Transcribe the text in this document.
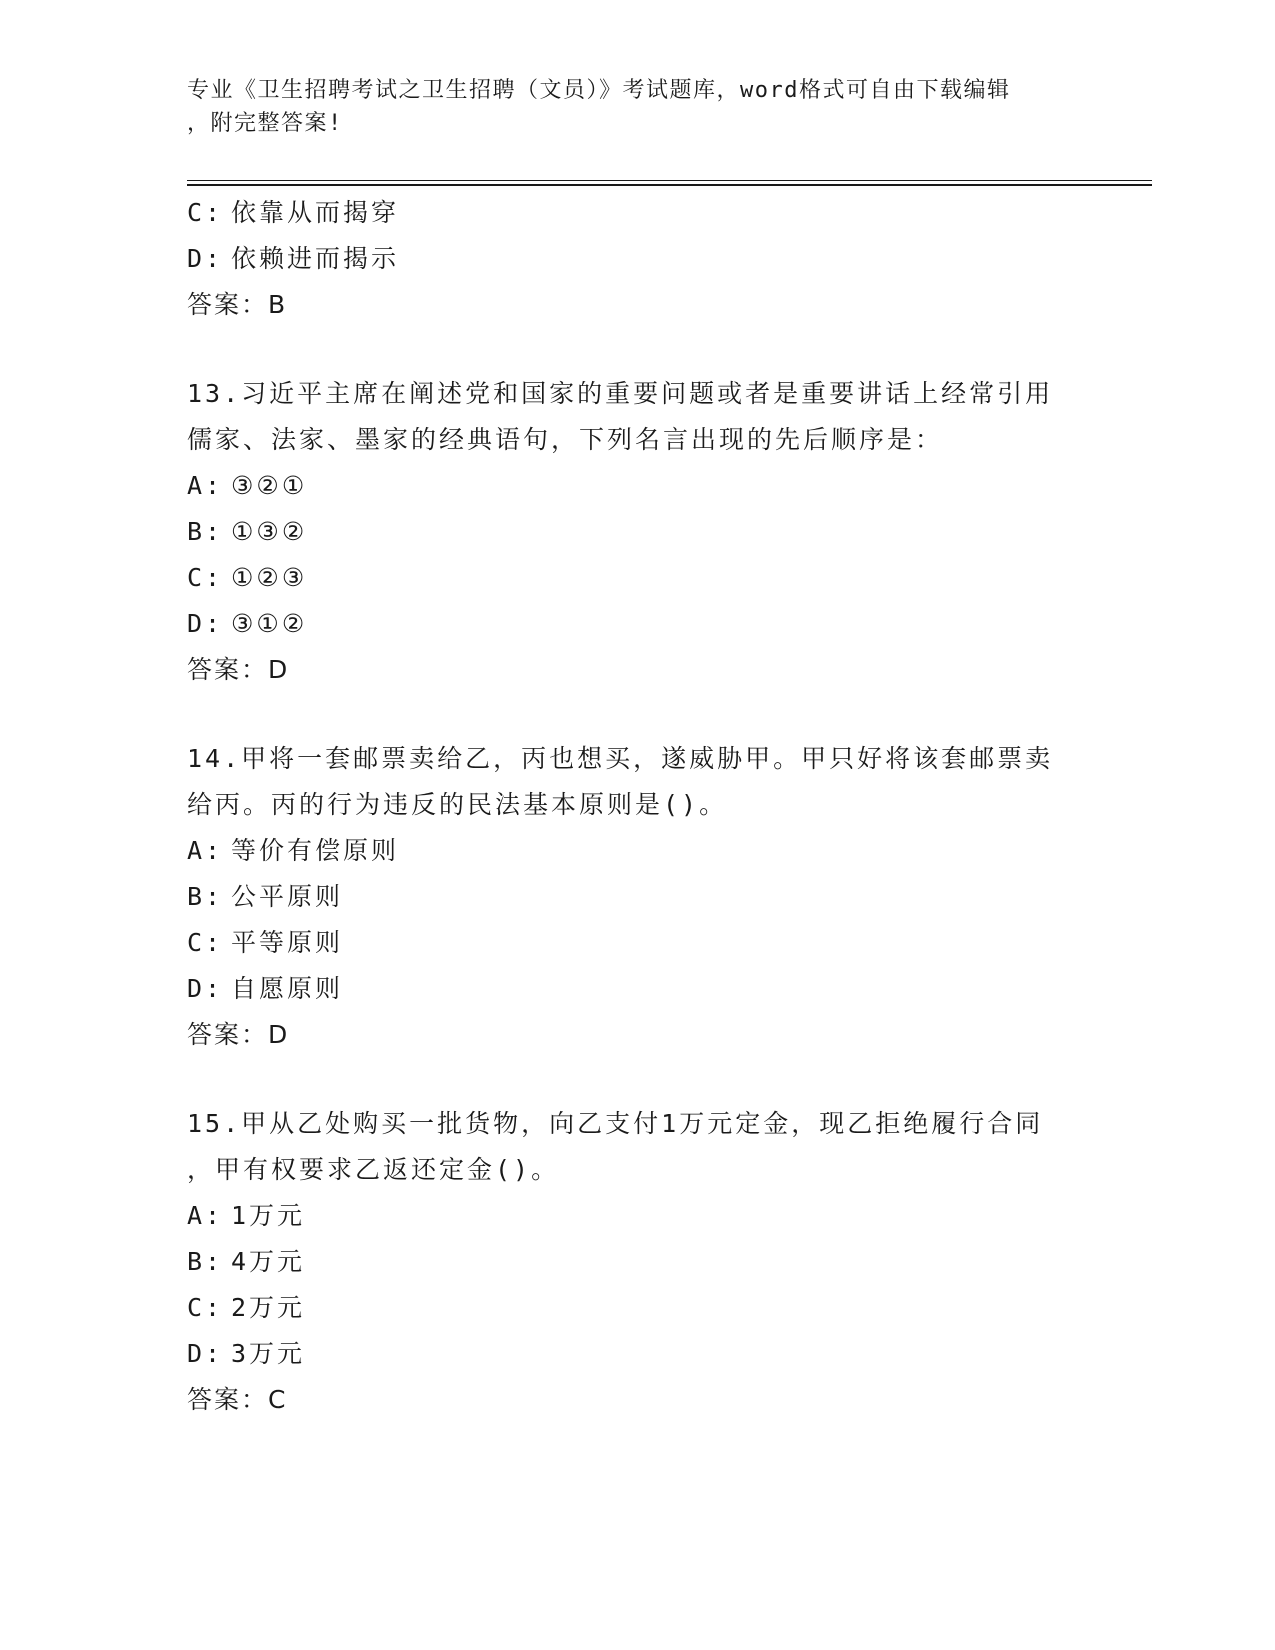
专业《卫生招聘考试之卫生招聘（文员）》考试题库，word格式可自由下载编辑
，附完整答案!
C: 依靠从而揭穿
D: 依赖进而揭示
答案：B
13.习近平主席在阐述党和国家的重要问题或者是重要讲话上经常引用
儒家、法家、墨家的经典语句，下列名言出现的先后顺序是：
A: ③②①
B: ①③②
C: ①②③
D: ③①②
答案：D
14.甲将一套邮票卖给乙，丙也想买，遂威胁甲。甲只好将该套邮票卖
给丙。丙的行为违反的民法基本原则是()。
A: 等价有偿原则
B: 公平原则
C: 平等原则
D: 自愿原则
答案：D
15.甲从乙处购买一批货物，向乙支付1万元定金，现乙拒绝履行合同
，甲有权要求乙返还定金()。
A: 1万元
B: 4万元
C: 2万元
D: 3万元
答案：C
